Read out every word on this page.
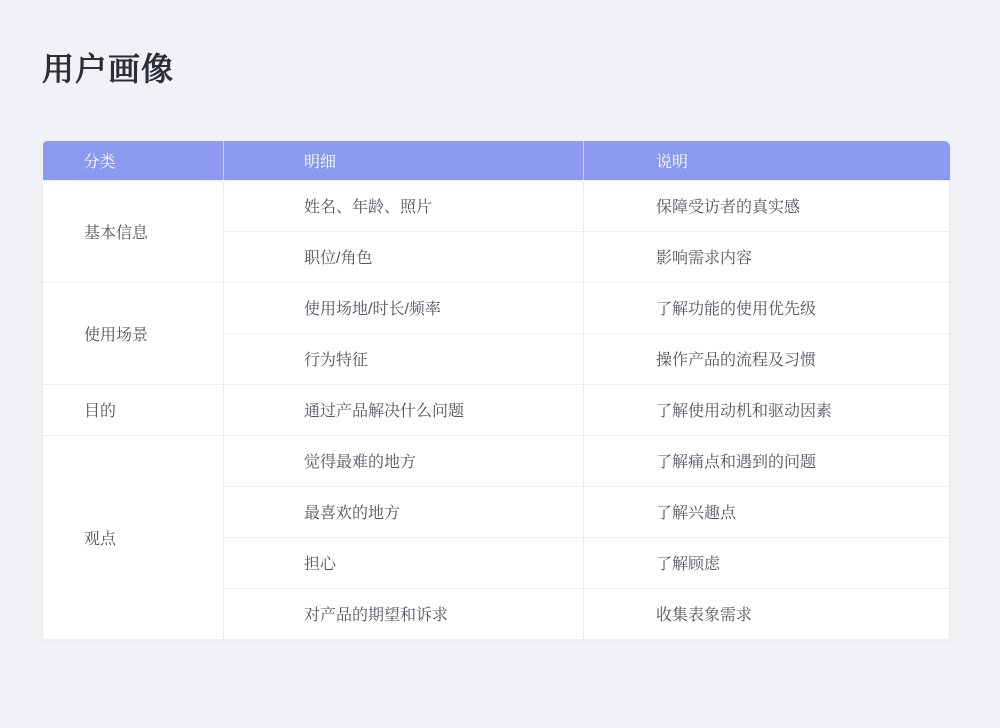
用户画像
分类	明细	说明
基本信息	姓名、年龄、照片	保障受访者的真实感
	职位/角色	影响需求内容
使用场景	使用场地/时长/频率	了解功能的使用优先级
	行为特征	操作产品的流程及习惯
目的	通过产品解决什么问题	了解使用动机和驱动因素
观点	觉得最难的地方	了解痛点和遇到的问题
	最喜欢的地方	了解兴趣点
	担心	了解顾虑
	对产品的期望和诉求	收集表象需求
